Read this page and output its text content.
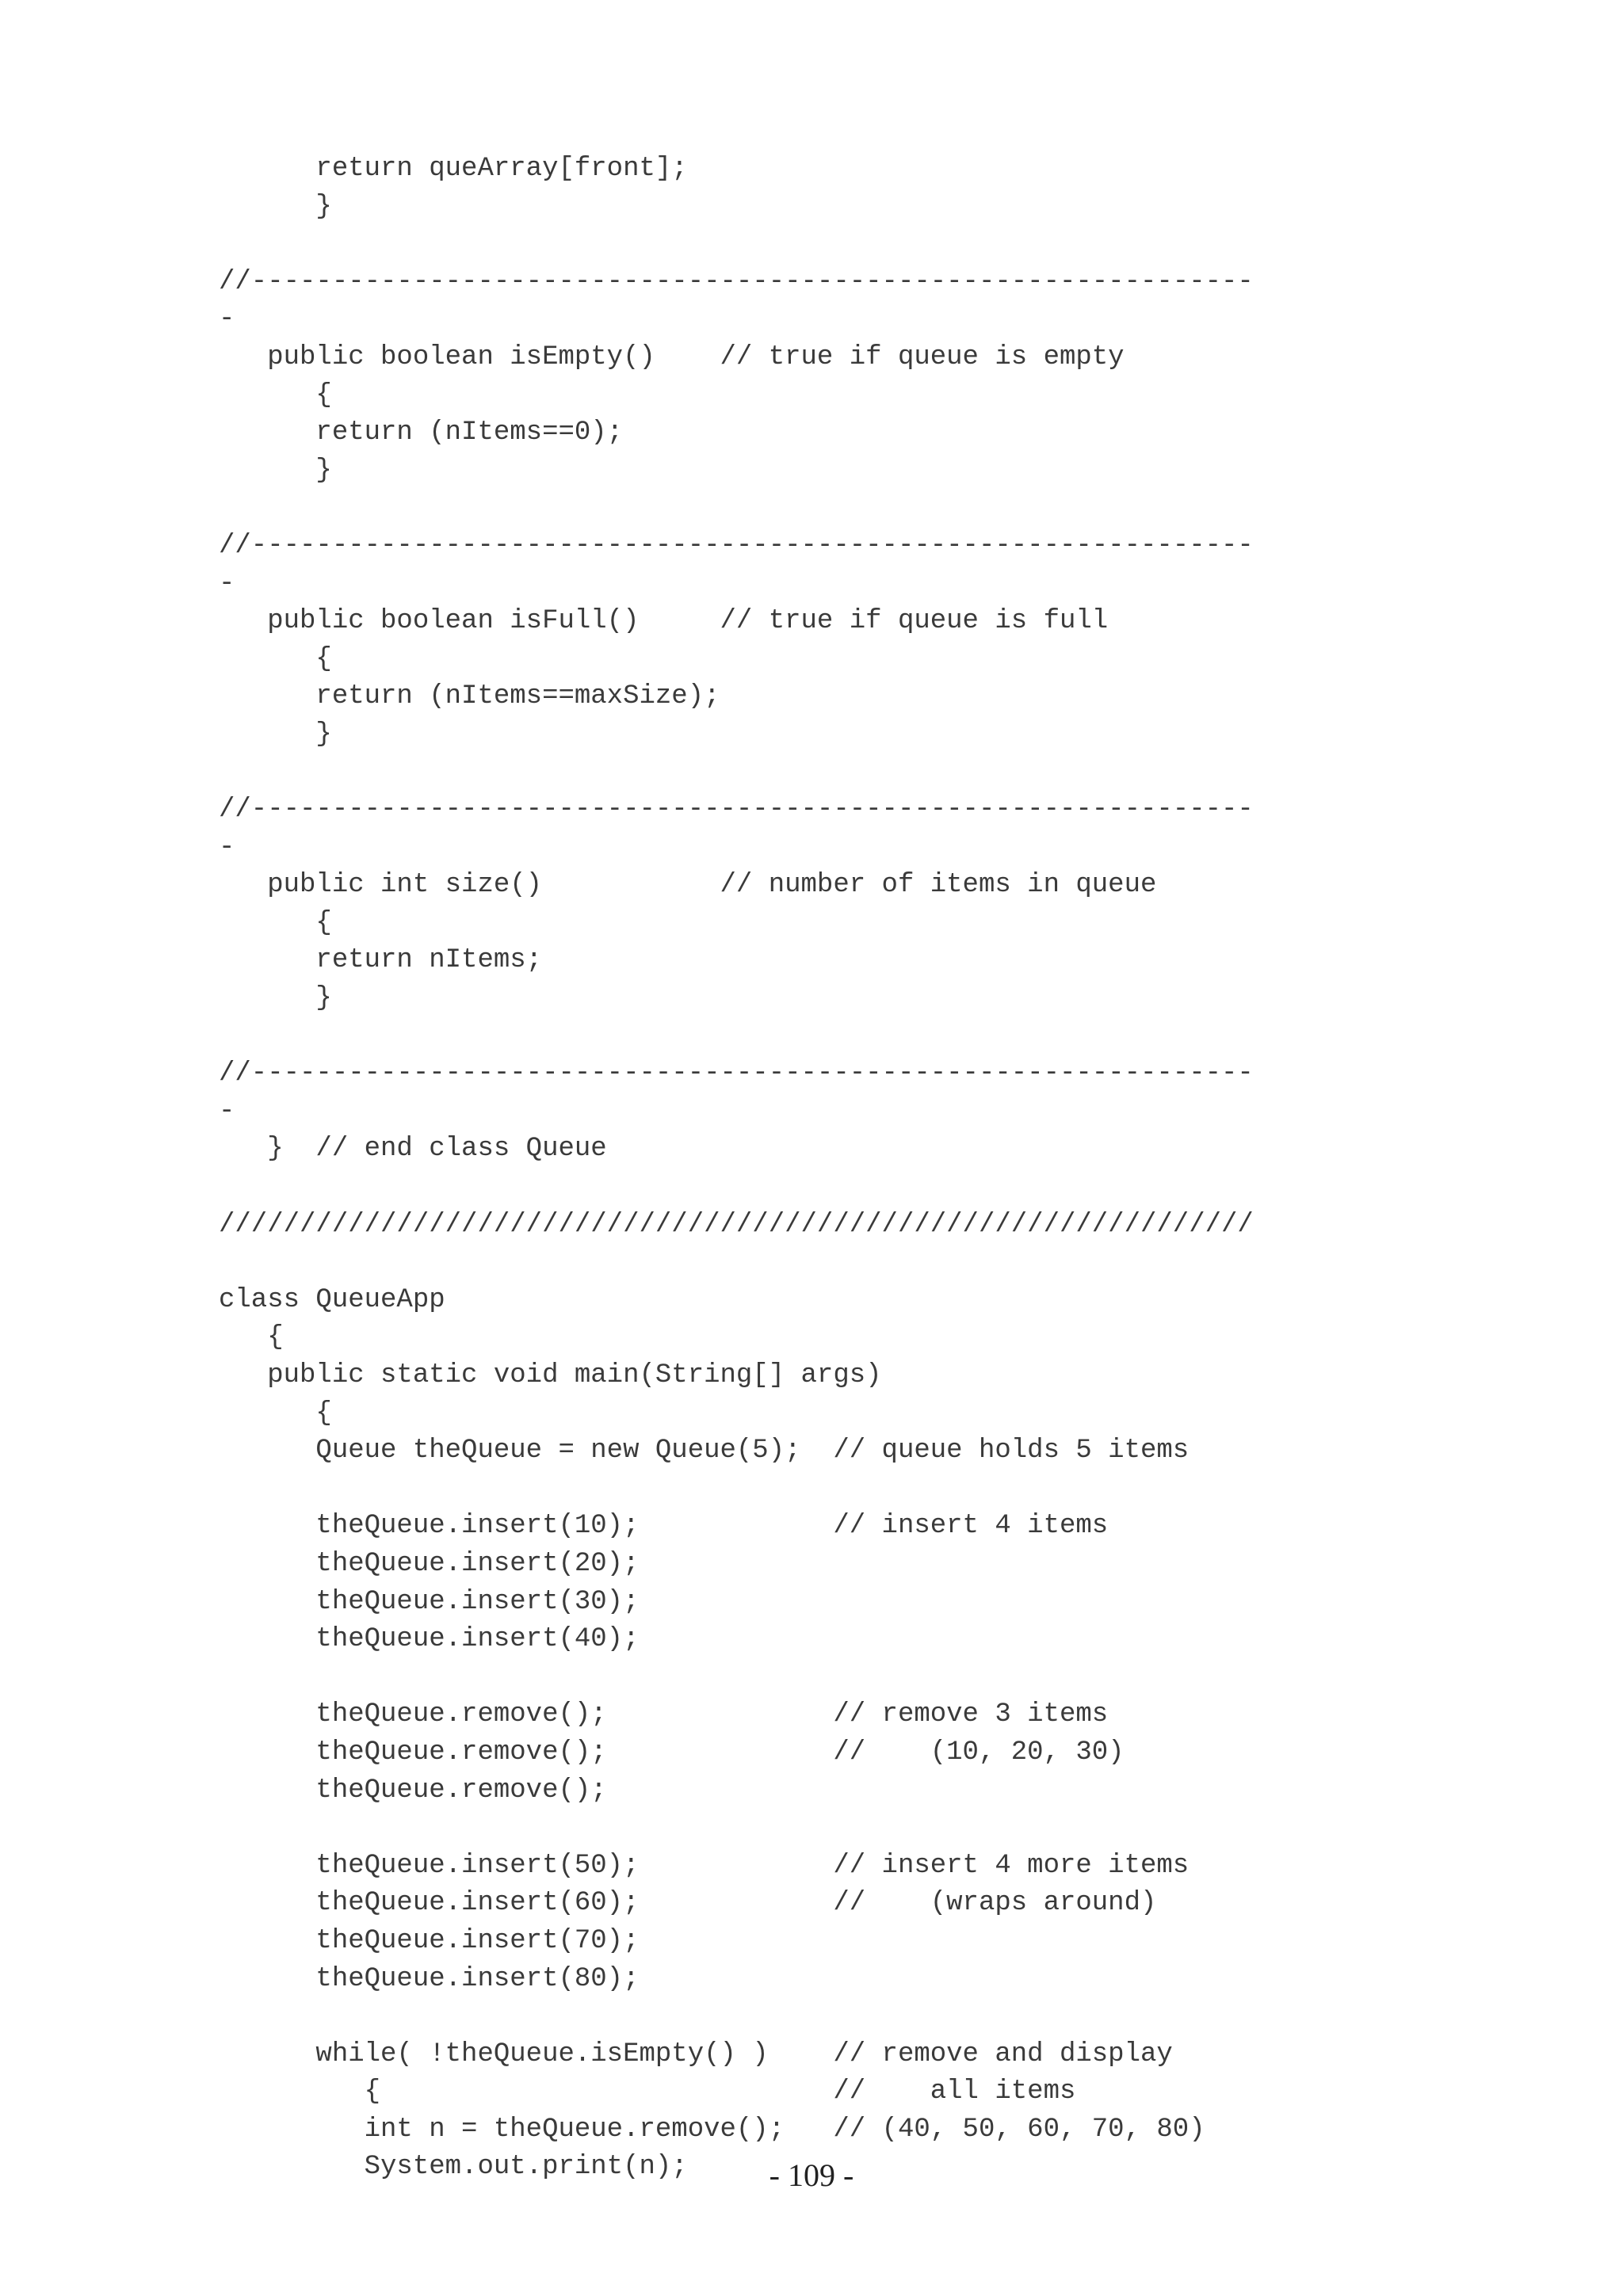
return queArray[front];
}
//--------------------------------------------------------------
-
public boolean isEmpty()    // true if queue is empty
{
return (nItems==0);
}
//--------------------------------------------------------------
-
public boolean isFull()     // true if queue is full
{
return (nItems==maxSize);
}
//--------------------------------------------------------------
-
public int size()           // number of items in queue
{
return nItems;
}
//--------------------------------------------------------------
-
}  // end class Queue
////////////////////////////////////////////////////////////////
class QueueApp
{
public static void main(String[] args)
{
Queue theQueue = new Queue(5);  // queue holds 5 items
theQueue.insert(10);            // insert 4 items
theQueue.insert(20);
theQueue.insert(30);
theQueue.insert(40);
theQueue.remove();              // remove 3 items
theQueue.remove();              //    (10, 20, 30)
theQueue.remove();
theQueue.insert(50);            // insert 4 more items
theQueue.insert(60);            //    (wraps around)
theQueue.insert(70);
theQueue.insert(80);
while( !theQueue.isEmpty() )    // remove and display
{                            //    all items
int n = theQueue.remove();   // (40, 50, 60, 70, 80)
System.out.print(n);	- 109 -
